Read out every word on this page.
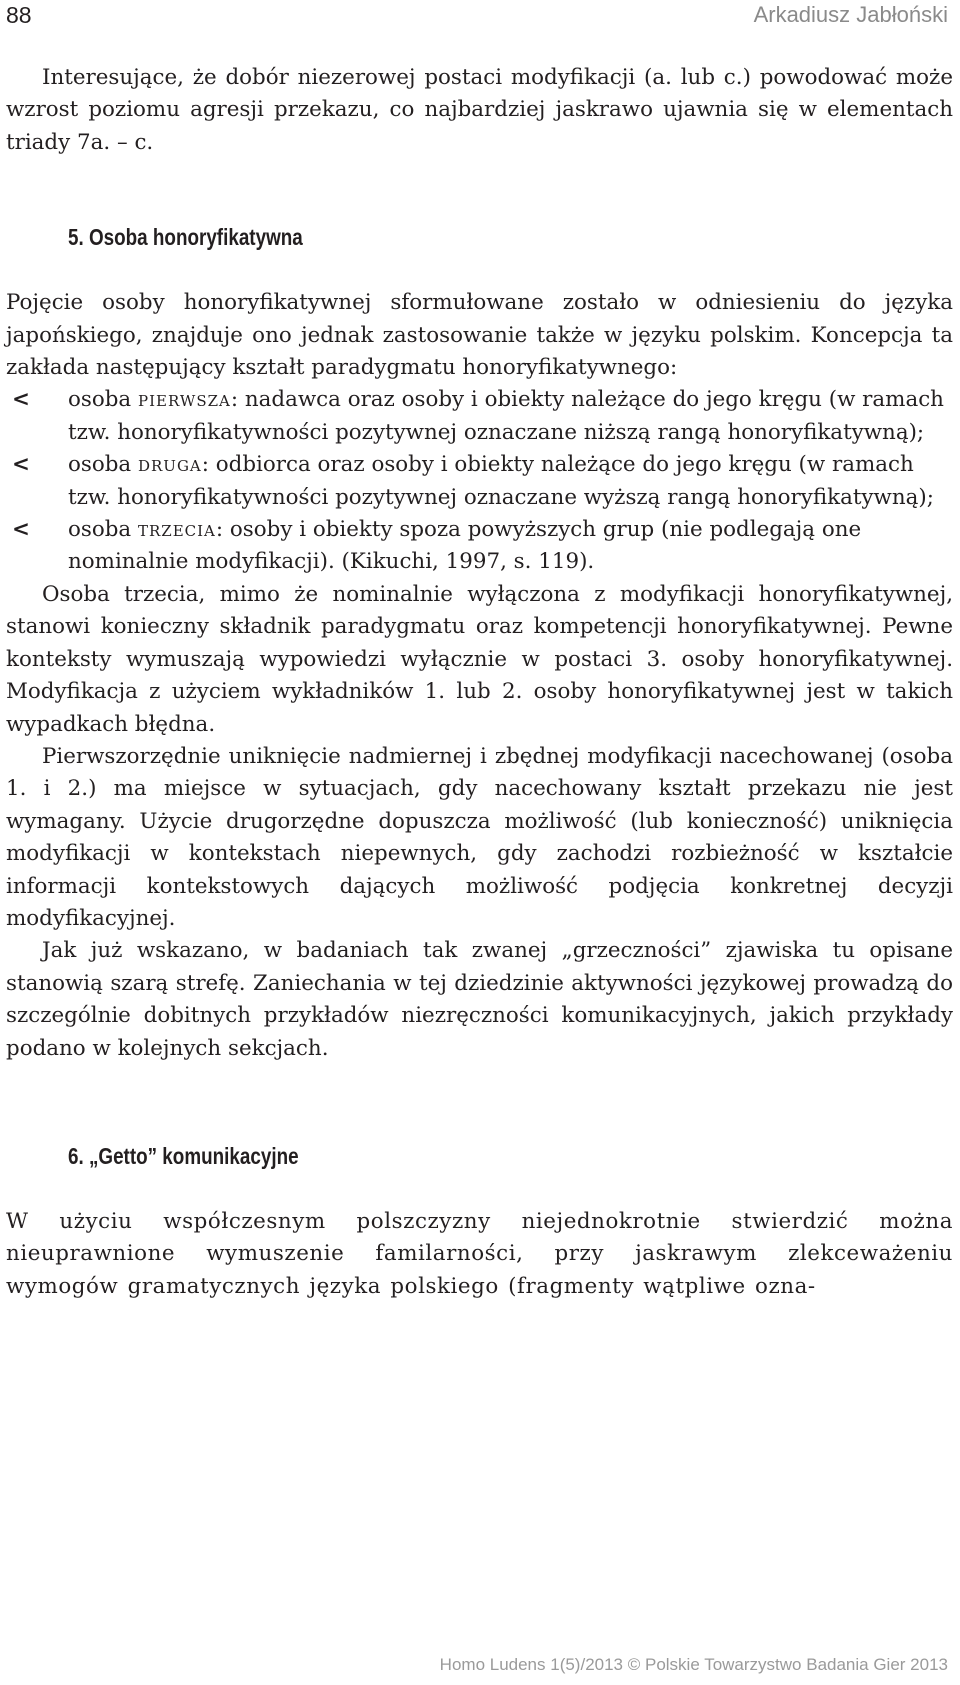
88	Arkadiusz Jabłoński

Interesujące, że dobór niezerowej postaci modyfikacji (a. lub c.) powodować może wzrost poziomu agresji przekazu, co najbardziej jaskrawo ujawnia się w elementach triady 7a. – c.

5. Osoba honoryfikatywna

Pojęcie osoby honoryfikatywnej sformułowane zostało w odniesieniu do języka japońskiego, znajduje ono jednak zastosowanie także w języku polskim. Koncepcja ta zakłada następujący kształt paradygmatu honoryfikatywnego:

< osoba pierwsza: nadawca oraz osoby i obiekty należące do jego kręgu (w ramach tzw. honoryfikatywności pozytywnej oznaczane niższą rangą honoryfikatywną);
< osoba druga: odbiorca oraz osoby i obiekty należące do jego kręgu (w ramach tzw. honoryfikatywności pozytywnej oznaczane wyższą rangą honoryfikatywną);
< osoba trzecia: osoby i obiekty spoza powyższych grup (nie podlegają one nominalnie modyfikacji). (Kikuchi, 1997, s. 119).

Osoba trzecia, mimo że nominalnie wyłączona z modyfikacji honoryfikatywnej, stanowi konieczny składnik paradygmatu oraz kompetencji honoryfikatywnej. Pewne konteksty wymuszają wypowiedzi wyłącznie w postaci 3. osoby honoryfikatywnej. Modyfikacja z użyciem wykładników 1. lub 2. osoby honoryfikatywnej jest w takich wypadkach błędna.

Pierwszorzędnie uniknięcie nadmiernej i zbędnej modyfikacji nacechowanej (osoba 1. i 2.) ma miejsce w sytuacjach, gdy nacechowany kształt przekazu nie jest wymagany. Użycie drugorzędne dopuszcza możliwość (lub konieczność) uniknięcia modyfikacji w kontekstach niepewnych, gdy zachodzi rozbieżność w kształcie informacji kontekstowych dających możliwość podjęcia konkretnej decyzji modyfikacyjnej.

Jak już wskazano, w badaniach tak zwanej „grzeczności” zjawiska tu opisane stanowią szarą strefę. Zaniechania w tej dziedzinie aktywności językowej prowadzą do szczególnie dobitnych przykładów niezręczności komunikacyjnych, jakich przykłady podano w kolejnych sekcjach.

6. „Getto” komunikacyjne

W użyciu współczesnym polszczyzny niejednokrotnie stwierdzić można nieuprawnione wymuszenie familarności, przy jaskrawym zlekceważeniu wymogów gramatycznych języka polskiego (fragmenty wątpliwe ozna-

Homo Ludens 1(5)/2013 © Polskie Towarzystwo Badania Gier 2013
